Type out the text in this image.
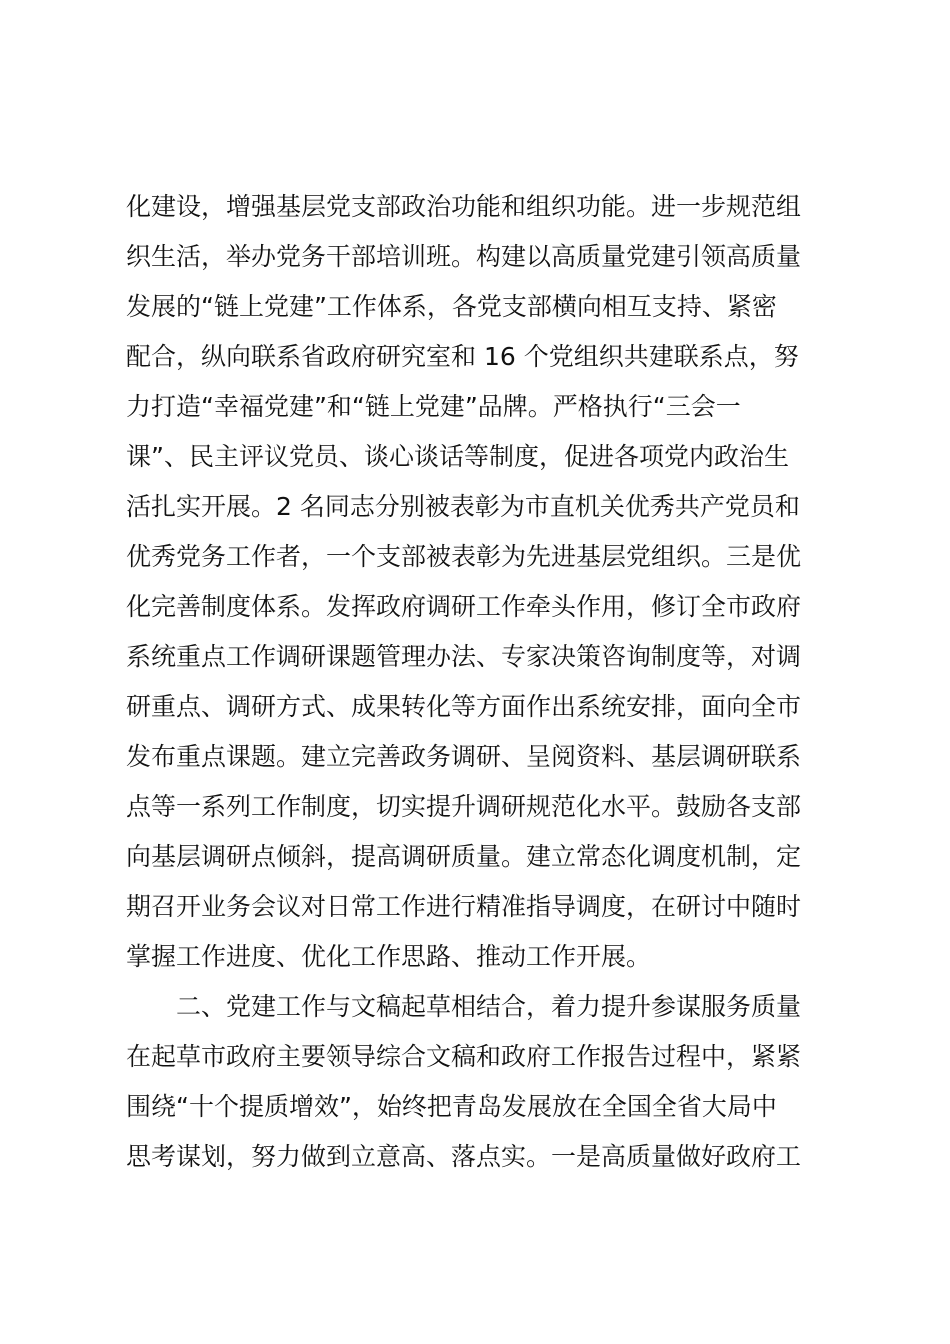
化建设，增强基层党支部政治功能和组织功能。进一步规范组
织生活，举办党务干部培训班。构建以高质量党建引领高质量
发展的“链上党建”工作体系，各党支部横向相互支持、紧密
配合，纵向联系省政府研究室和 16 个党组织共建联系点，努
力打造“幸福党建”和“链上党建”品牌。严格执行“三会一
课”、民主评议党员、谈心谈话等制度，促进各项党内政治生
活扎实开展。2 名同志分别被表彰为市直机关优秀共产党员和
优秀党务工作者，一个支部被表彰为先进基层党组织。三是优
化完善制度体系。发挥政府调研工作牵头作用，修订全市政府
系统重点工作调研课题管理办法、专家决策咨询制度等，对调
研重点、调研方式、成果转化等方面作出系统安排，面向全市
发布重点课题。建立完善政务调研、呈阅资料、基层调研联系
点等一系列工作制度，切实提升调研规范化水平。鼓励各支部
向基层调研点倾斜，提高调研质量。建立常态化调度机制，定
期召开业务会议对日常工作进行精准指导调度，在研讨中随时
掌握工作进度、优化工作思路、推动工作开展。
二、党建工作与文稿起草相结合，着力提升参谋服务质量
在起草市政府主要领导综合文稿和政府工作报告过程中，紧紧
围绕“十个提质增效”，始终把青岛发展放在全国全省大局中
思考谋划，努力做到立意高、落点实。一是高质量做好政府工
